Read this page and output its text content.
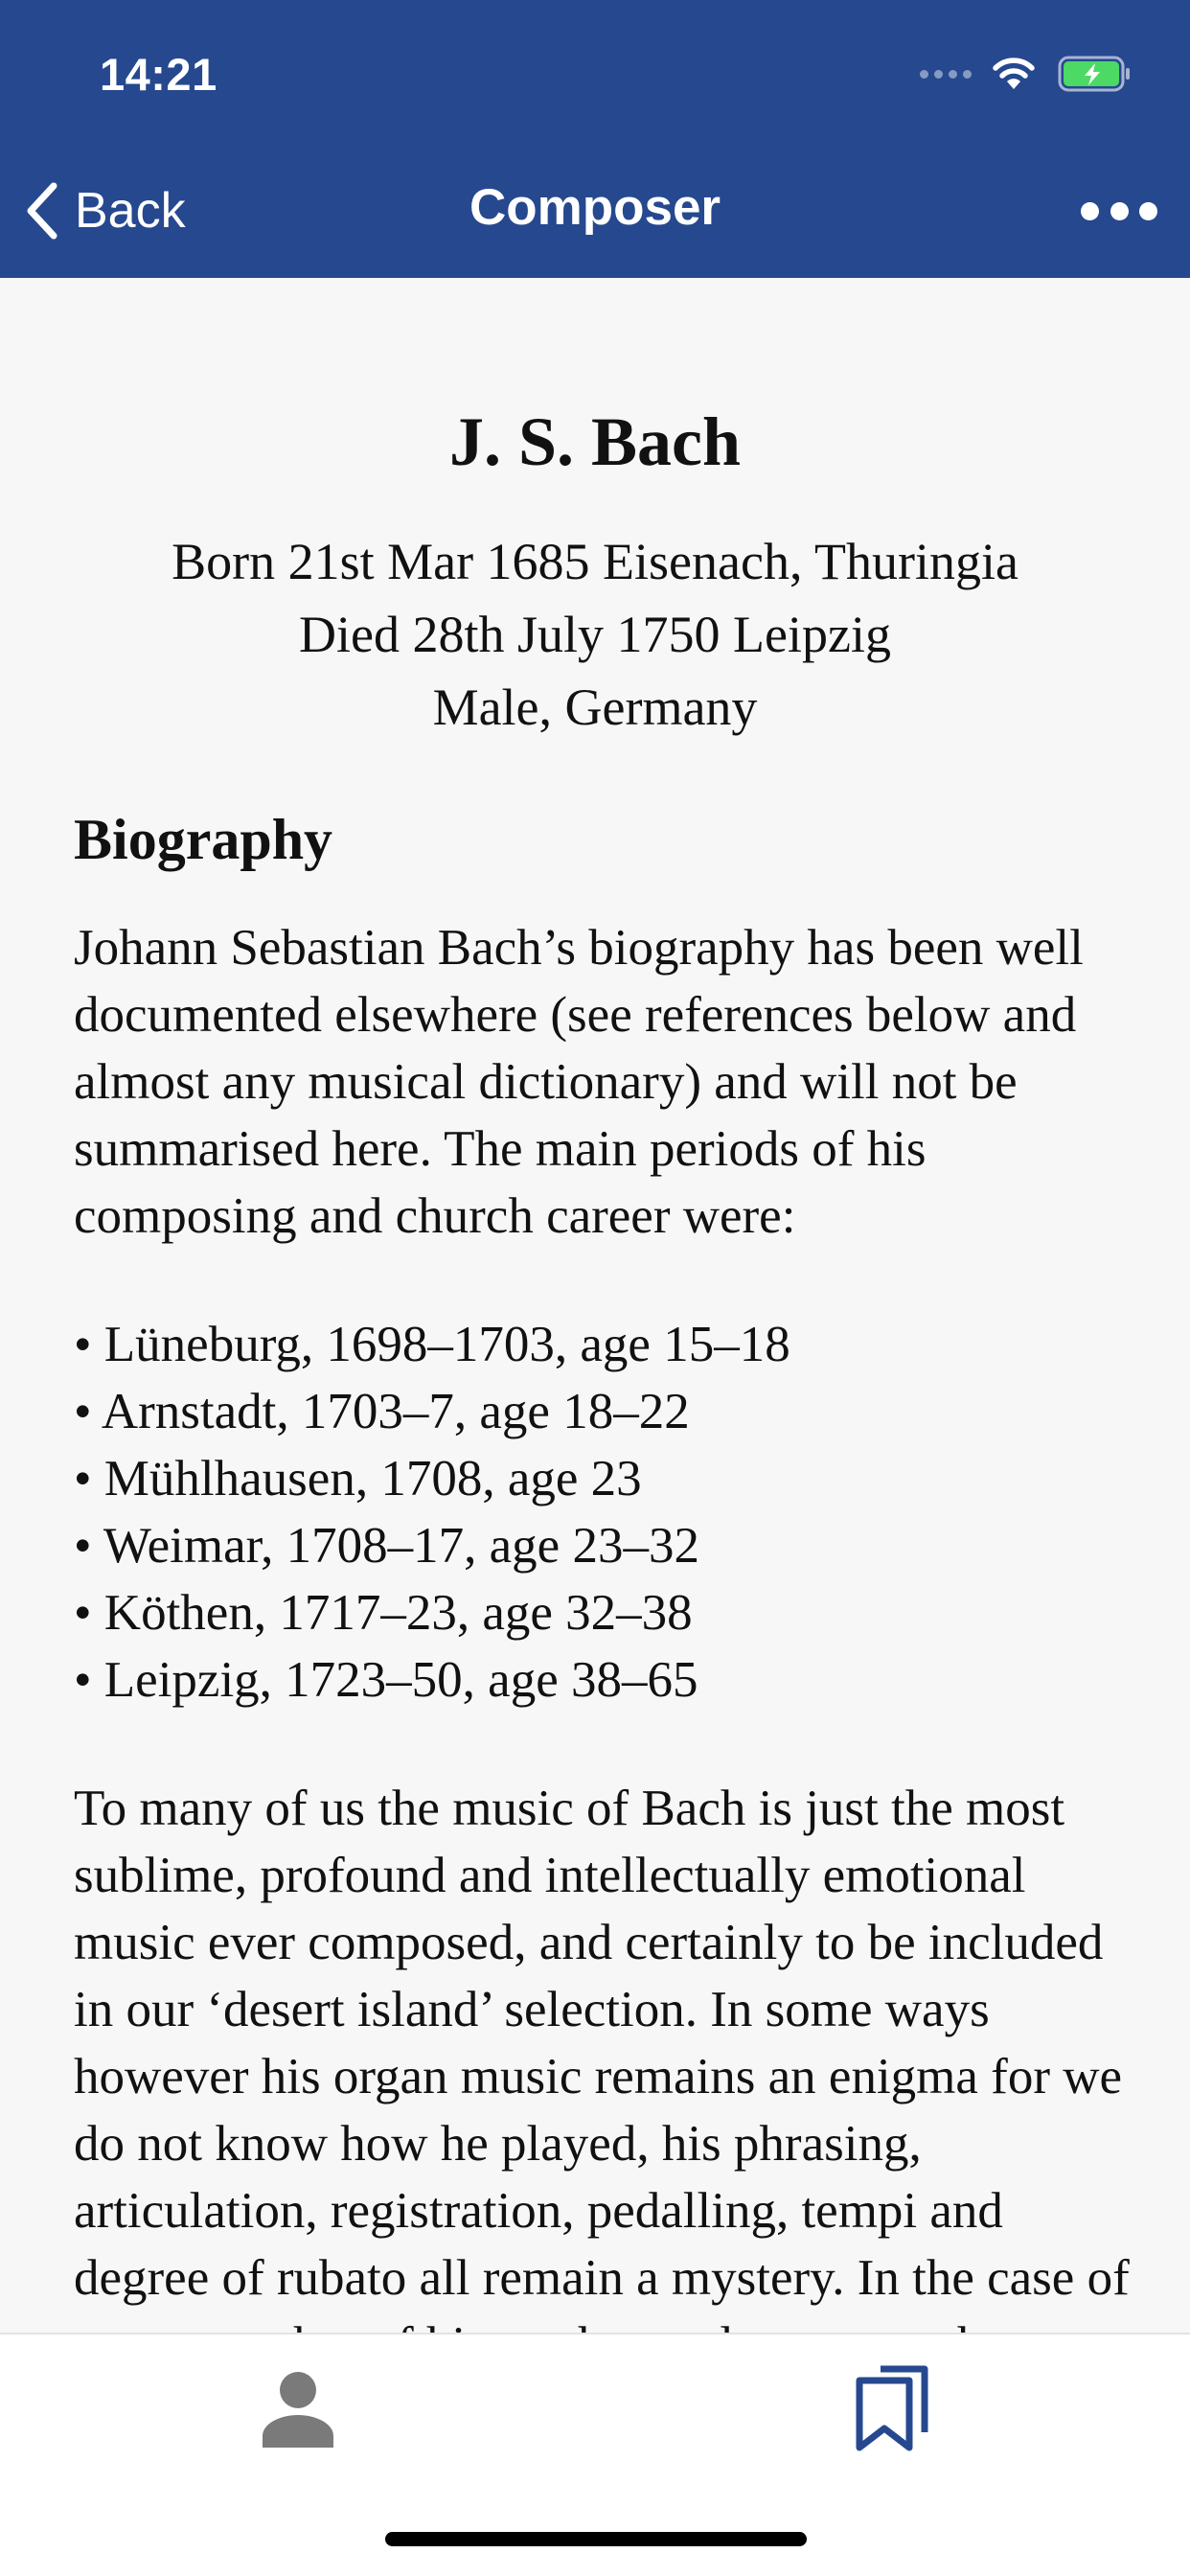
14:21
Back	Composer
J. S. Bach
Born 21st Mar 1685 Eisenach, Thuringia
Died 28th July 1750 Leipzig
Male, Germany
Biography

Johann Sebastian Bach’s biography has been well documented elsewhere (see references below and almost any musical dictionary) and will not be summarised here. The main periods of his composing and church career were:

• Lüneburg, 1698–1703, age 15–18
• Arnstadt, 1703–7, age 18–22
• Mühlhausen, 1708, age 23
• Weimar, 1708–17, age 23–32
• Köthen, 1717–23, age 32–38
• Leipzig, 1723–50, age 38–65

To many of us the music of Bach is just the most sublime, profound and intellectually emotional music ever composed, and certainly to be included in our ‘desert island’ selection. In some ways however his organ music remains an enigma for we do not know how he played, his phrasing, articulation, registration, pedalling, tempi and degree of rubato all remain a mystery. In the case of
